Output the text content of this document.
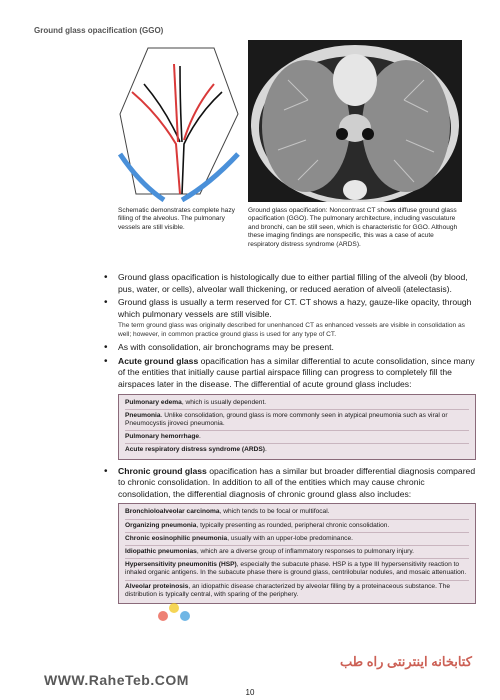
Ground glass opacification (GGO)
Schematic demonstrates complete hazy filling of the alveolus. The pulmonary vessels are still visible.
Ground glass opacification: Noncontrast CT shows diffuse ground glass opacification (GGO). The pulmonary architecture, including vasculature and bronchi, can be still seen, which is characteristic for GGO. Although these imaging findings are nonspecific, this was a case of acute respiratory distress syndrome (ARDS).
• Ground glass opacification is histologically due to either partial filling of the alveoli (by blood, pus, water, or cells), alveolar wall thickening, or reduced aeration of alveoli (atelectasis).
• Ground glass is usually a term reserved for CT. CT shows a hazy, gauze-like opacity, through which pulmonary vessels are still visible.
The term ground glass was originally described for unenhanced CT as enhanced vessels are visible in consolidation as well; however, in common practice ground glass is used for any type of CT.
• As with consolidation, air bronchograms may be present.
• Acute ground glass opacification has a similar differential to acute consolidation, since many of the entities that initially cause partial airspace filling can progress to completely fill the airspaces later in the disease. The differential of acute ground glass includes:
Pulmonary edema, which is usually dependent.
Pneumonia. Unlike consolidation, ground glass is more commonly seen in atypical pneumonia such as viral or Pneumocystis jiroveci pneumonia.
Pulmonary hemorrhage.
Acute respiratory distress syndrome (ARDS).
• Chronic ground glass opacification has a similar but broader differential diagnosis compared to chronic consolidation. In addition to all of the entities which may cause chronic consolidation, the differential diagnosis of chronic ground glass also includes:
Bronchioloalveolar carcinoma, which tends to be focal or multifocal.
Organizing pneumonia, typically presenting as rounded, peripheral chronic consolidation.
Chronic eosinophilic pneumonia, usually with an upper-lobe predominance.
Idiopathic pneumonias, which are a diverse group of inflammatory responses to pulmonary injury.
Hypersensitivity pneumonitis (HSP), especially the subacute phase. HSP is a type III hypersensitivity reaction to inhaled organic antigens. In the subacute phase there is ground glass, centrilobular nodules, and mosaic attenuation.
Alveolar proteinosis, an idiopathic disease characterized by alveolar filling by a proteinaceous substance. The distribution is typically central, with sparing of the periphery.
کتابخانه اینترنتی راه طب
WWW.RaheTeb.COM
10
